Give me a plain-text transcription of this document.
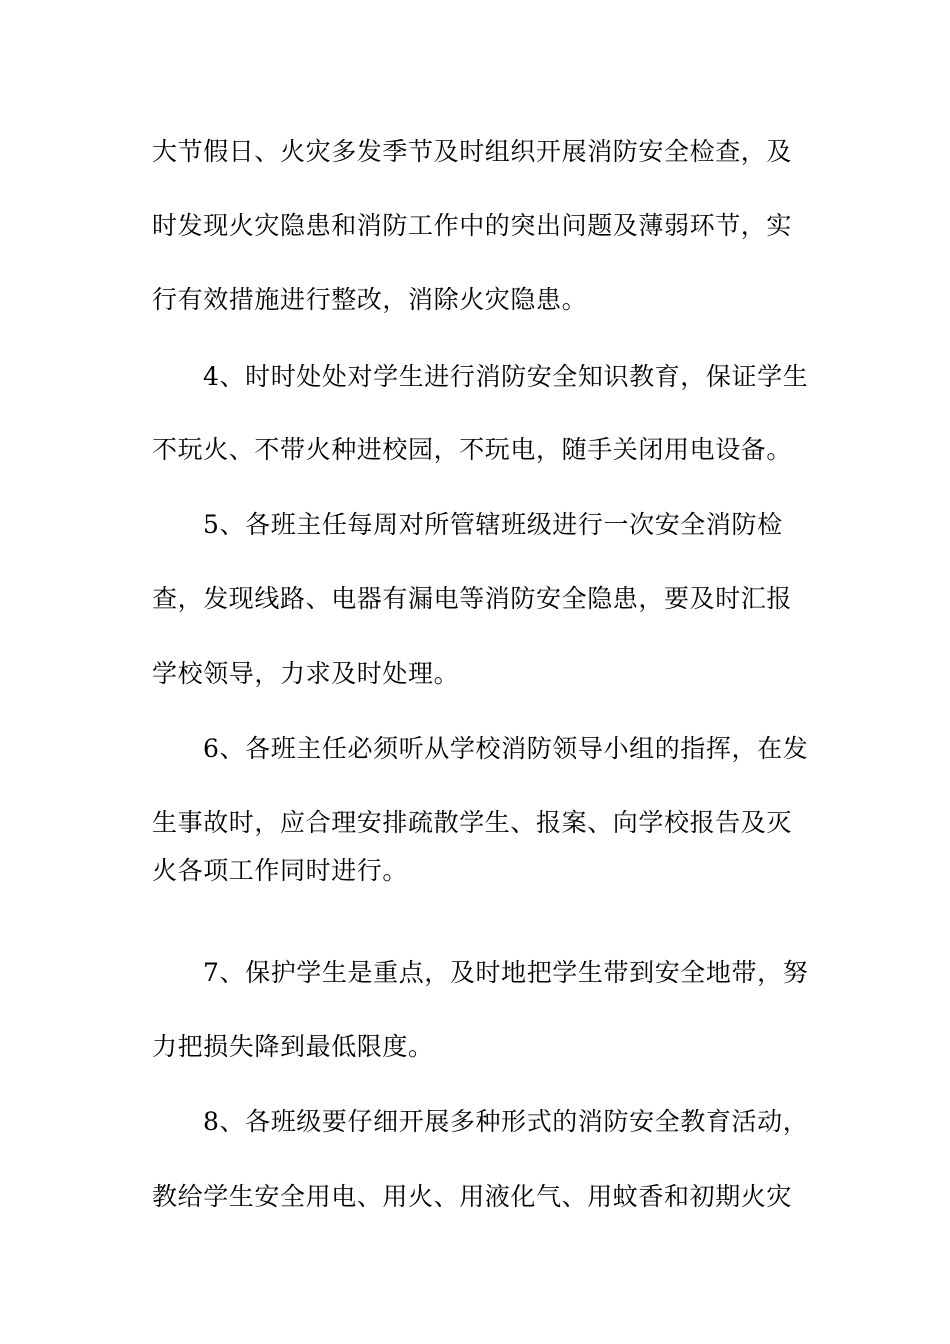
大节假日、火灾多发季节及时组织开展消防安全检查，及
时发现火灾隐患和消防工作中的突出问题及薄弱环节，实
行有效措施进行整改，消除火灾隐患。
4、时时处处对学生进行消防安全知识教育，保证学生
不玩火、不带火种进校园，不玩电，随手关闭用电设备。
5、各班主任每周对所管辖班级进行一次安全消防检
查，发现线路、电器有漏电等消防安全隐患，要及时汇报
学校领导，力求及时处理。
6、各班主任必须听从学校消防领导小组的指挥，在发
生事故时，应合理安排疏散学生、报案、向学校报告及灭
火各项工作同时进行。
7、保护学生是重点，及时地把学生带到安全地带，努
力把损失降到最低限度。
8、各班级要仔细开展多种形式的消防安全教育活动，
教给学生安全用电、用火、用液化气、用蚊香和初期火灾
